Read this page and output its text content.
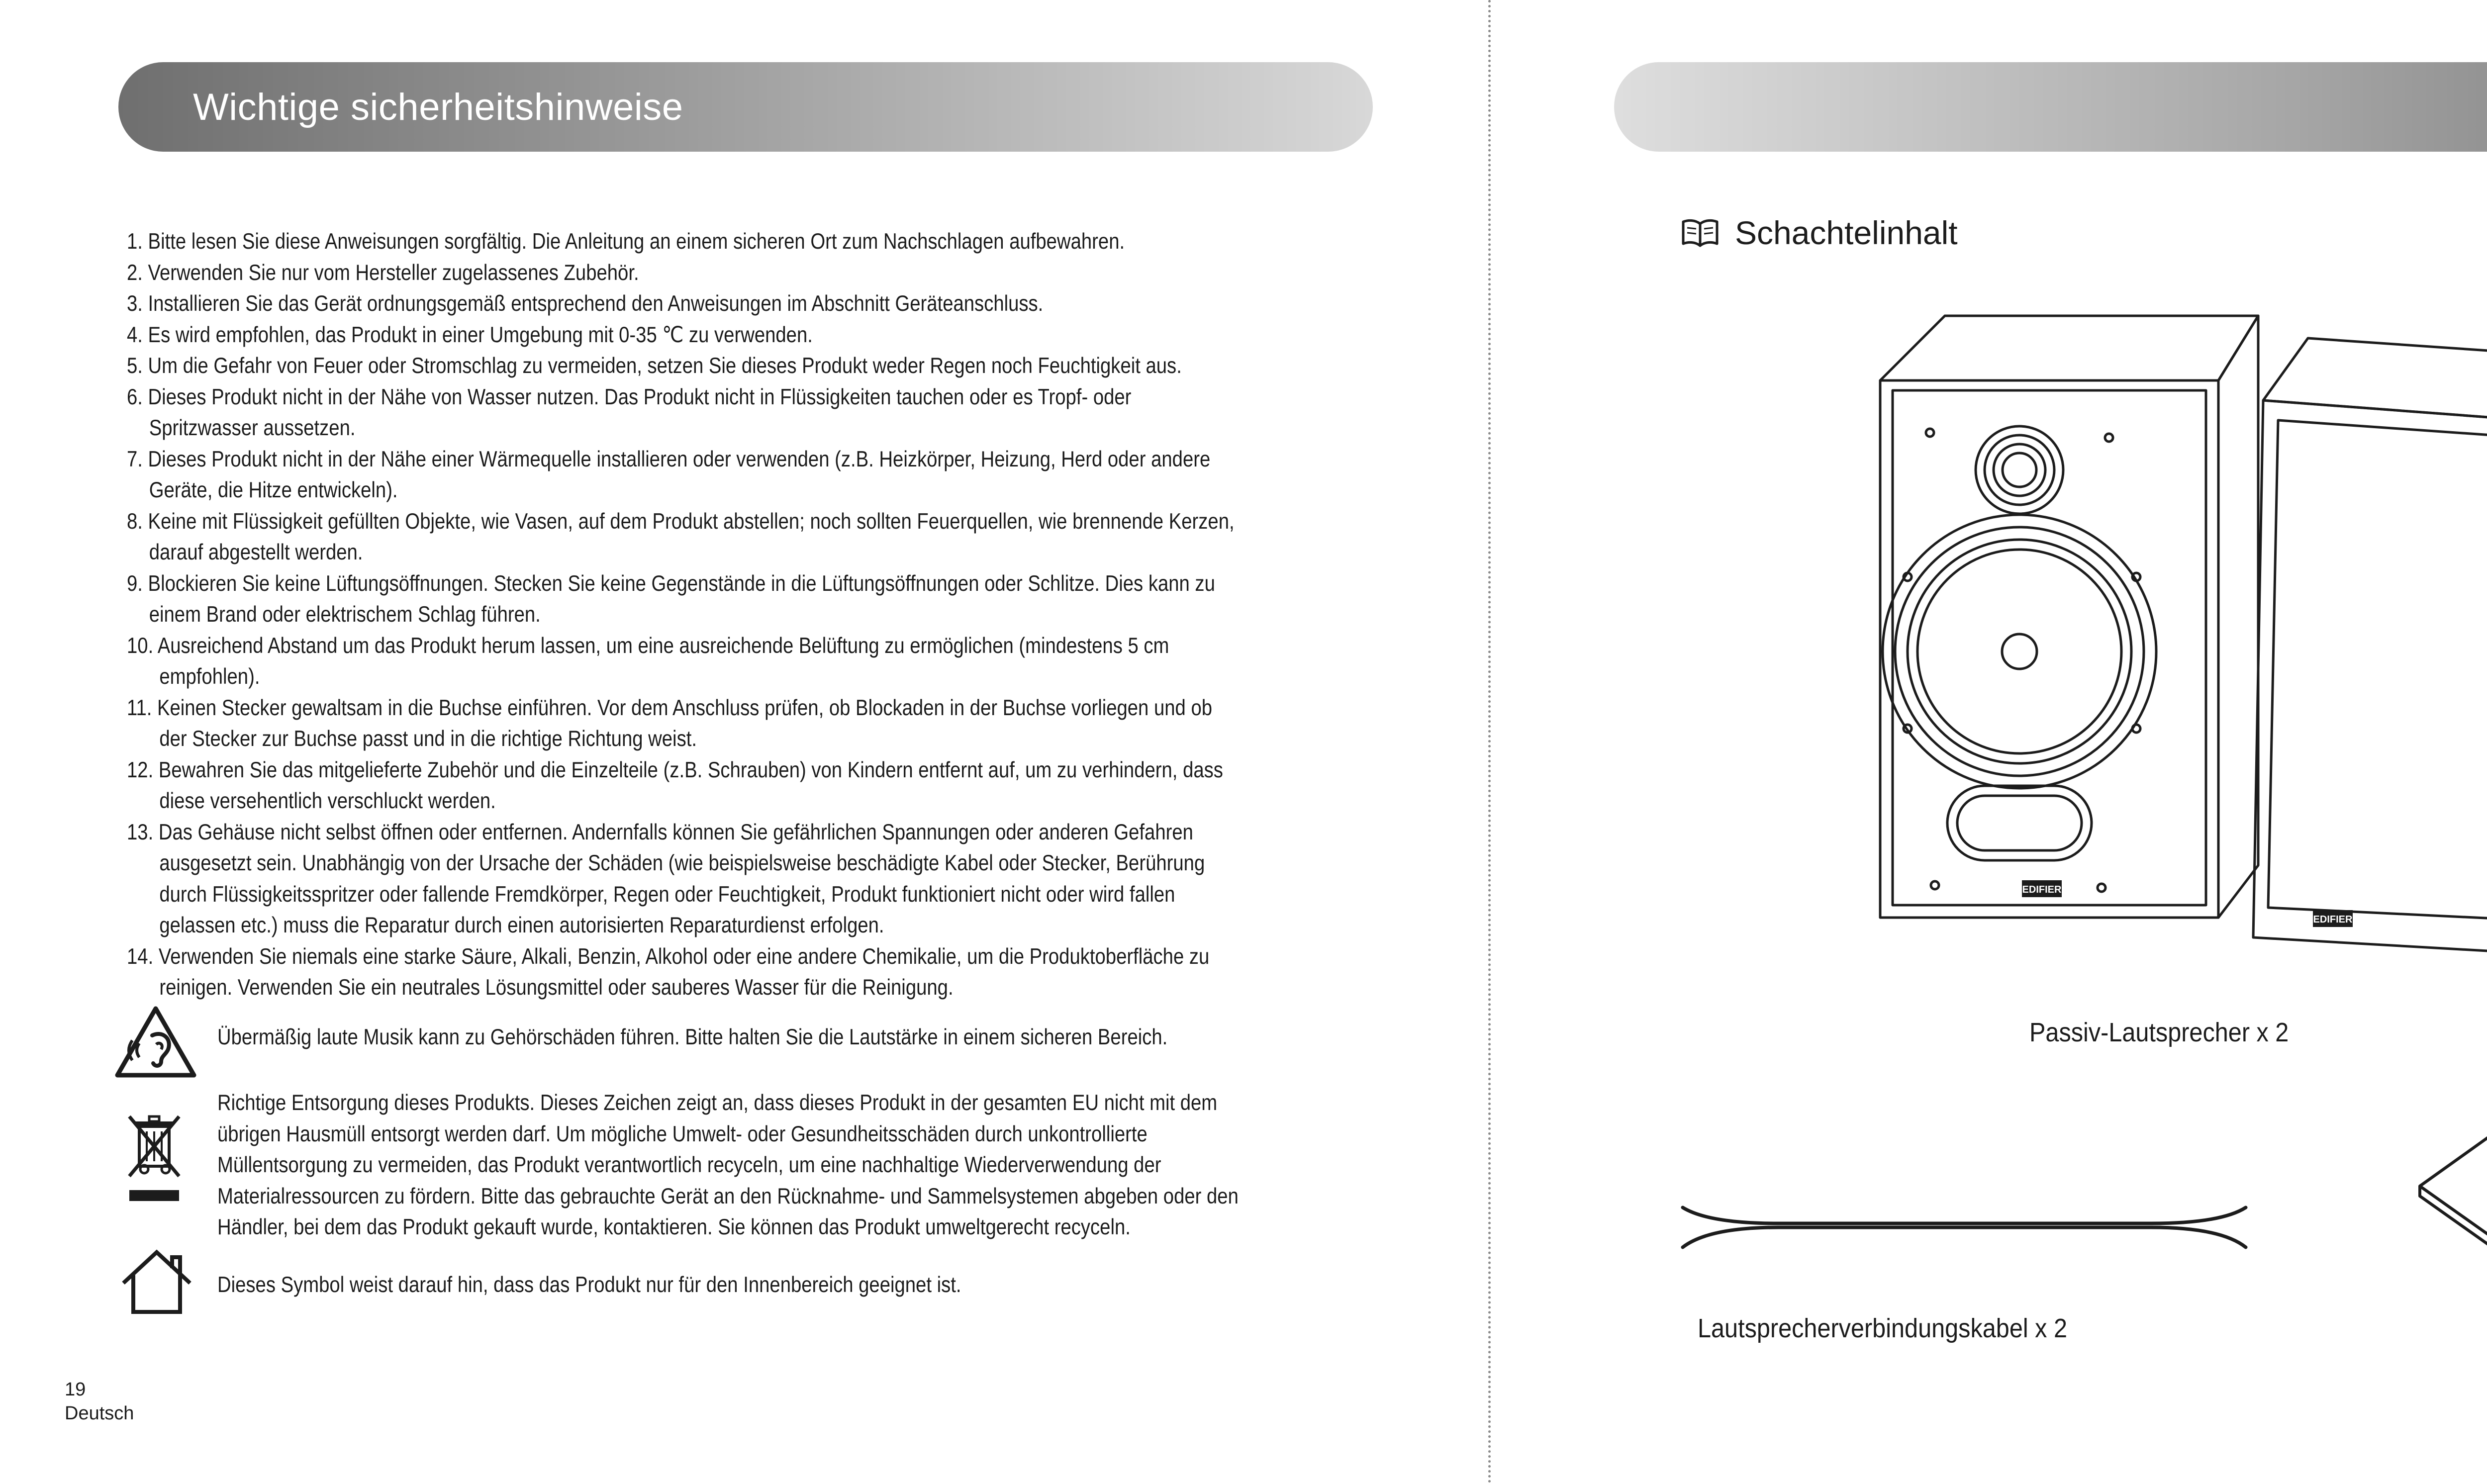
Wichtige sicherheitshinweise
1. Bitte lesen Sie diese Anweisungen sorgfältig. Die Anleitung an einem sicheren Ort zum Nachschlagen aufbewahren.
2. Verwenden Sie nur vom Hersteller zugelassenes Zubehör.
3. Installieren Sie das Gerät ordnungsgemäß entsprechend den Anweisungen im Abschnitt Geräteanschluss.
4. Es wird empfohlen, das Produkt in einer Umgebung mit 0-35 ℃ zu verwenden.
5. Um die Gefahr von Feuer oder Stromschlag zu vermeiden, setzen Sie dieses Produkt weder Regen noch Feuchtigkeit aus.
6. Dieses Produkt nicht in der Nähe von Wasser nutzen. Das Produkt nicht in Flüssigkeiten tauchen oder es Tropf- oder Spritzwasser aussetzen.
7. Dieses Produkt nicht in der Nähe einer Wärmequelle installieren oder verwenden (z.B. Heizkörper, Heizung, Herd oder andere Geräte, die Hitze entwickeln).
8. Keine mit Flüssigkeit gefüllten Objekte, wie Vasen, auf dem Produkt abstellen; noch sollten Feuerquellen, wie brennende Kerzen, darauf abgestellt werden.
9. Blockieren Sie keine Lüftungsöffnungen. Stecken Sie keine Gegenstände in die Lüftungsöffnungen oder Schlitze. Dies kann zu einem Brand oder elektrischem Schlag führen.
10. Ausreichend Abstand um das Produkt herum lassen, um eine ausreichende Belüftung zu ermöglichen (mindestens 5 cm empfohlen).
11. Keinen Stecker gewaltsam in die Buchse einführen. Vor dem Anschluss prüfen, ob Blockaden in der Buchse vorliegen und ob der Stecker zur Buchse passt und in die richtige Richtung weist.
12. Bewahren Sie das mitgelieferte Zubehör und die Einzelteile (z.B. Schrauben) von Kindern entfernt auf, um zu verhindern, dass diese versehentlich verschluckt werden.
13. Das Gehäuse nicht selbst öffnen oder entfernen. Andernfalls können Sie gefährlichen Spannungen oder anderen Gefahren ausgesetzt sein. Unabhängig von der Ursache der Schäden (wie beispielsweise beschädigte Kabel oder Stecker, Berührung durch Flüssigkeitsspritzer oder fallende Fremdkörper, Regen oder Feuchtigkeit, Produkt funktioniert nicht oder wird fallen gelassen etc.) muss die Reparatur durch einen autorisierten Reparaturdienst erfolgen.
14. Verwenden Sie niemals eine starke Säure, Alkali, Benzin, Alkohol oder eine andere Chemikalie, um die Produktoberfläche zu reinigen. Verwenden Sie ein neutrales Lösungsmittel oder sauberes Wasser für die Reinigung.
Übermäßig laute Musik kann zu Gehörschäden führen. Bitte halten Sie die Lautstärke in einem sicheren Bereich.
Richtige Entsorgung dieses Produkts. Dieses Zeichen zeigt an, dass dieses Produkt in der gesamten EU nicht mit dem übrigen Hausmüll entsorgt werden darf. Um mögliche Umwelt- oder Gesundheitsschäden durch unkontrollierte Müllentsorgung zu vermeiden, das Produkt verantwortlich recyceln, um eine nachhaltige Wiederverwendung der Materialressourcen zu fördern. Bitte das gebrauchte Gerät an den Rücknahme- und Sammelsystemen abgeben oder den Händler, bei dem das Produkt gekauft wurde, kontaktieren. Sie können das Produkt umweltgerecht recyceln.
Dieses Symbol weist darauf hin, dass das Produkt nur für den Innenbereich geeignet ist.
19
Deutsch
Schachtelinhalt
EDIFIER
EDIFIER
Passiv-Lautsprecher x 2
Lautsprecherverbindungskabel x 2
